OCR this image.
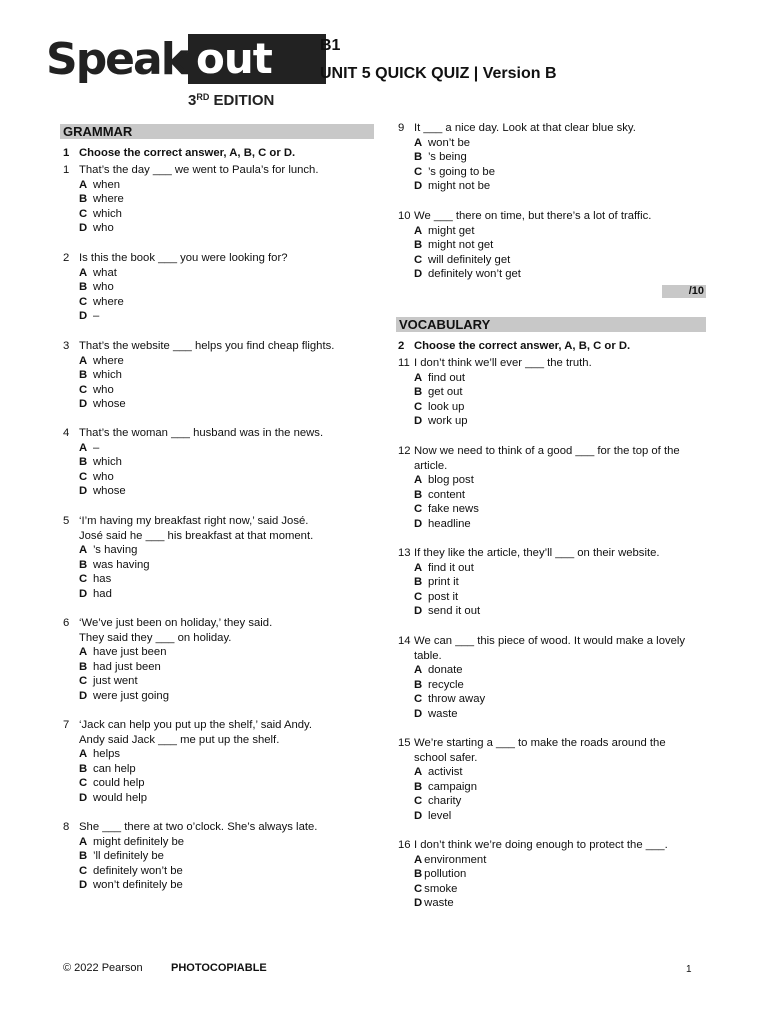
Speak out
3RD EDITION
B1
UNIT 5 QUICK QUIZ | Version B
GRAMMAR
1 Choose the correct answer, A, B, C or D.
1 That’s the day ___ we went to Paula’s for lunch.
A when
B where
C which
D who
2 Is this the book ___ you were looking for?
A what
B who
C where
D –
3 That’s the website ___ helps you find cheap flights.
A where
B which
C who
D whose
4 That’s the woman ___ husband was in the news.
A –
B which
C who
D whose
5 ‘I’m having my breakfast right now,’ said José.
José said he ___ his breakfast at that moment.
A ’s having
B was having
C has
D had
6 ‘We’ve just been on holiday,’ they said.
They said they ___ on holiday.
A have just been
B had just been
C just went
D were just going
7 ‘Jack can help you put up the shelf,’ said Andy.
Andy said Jack ___ me put up the shelf.
A helps
B can help
C could help
D would help
8 She ___ there at two o’clock. She’s always late.
A might definitely be
B ’ll definitely be
C definitely won’t be
D won’t definitely be
9 It ___ a nice day. Look at that clear blue sky.
A won’t be
B ’s being
C ’s going to be
D might not be
10 We ___ there on time, but there’s a lot of traffic.
A might get
B might not get
C will definitely get
D definitely won’t get
11 I don’t think we’ll ever ___ the truth.
A find out
B get out
C look up
D work up
12 Now we need to think of a good ___ for the top of the
article.
A blog post
B content
C fake news
D headline
13 If they like the article, they’ll ___ on their website.
A find it out
B print it
C post it
D send it out
14 We can ___ this piece of wood. It would make a lovely
table.
A donate
B recycle
C throw away
D waste
15 We’re starting a ___ to make the roads around the
school safer.
A activist
B campaign
C charity
D level
16 I don’t think we’re doing enough to protect the ___.
A environment
B pollution
C smoke
D waste
/10
VOCABULARY
2 Choose the correct answer, A, B, C or D.
© 2022 Pearson	PHOTOCOPIABLE	1
